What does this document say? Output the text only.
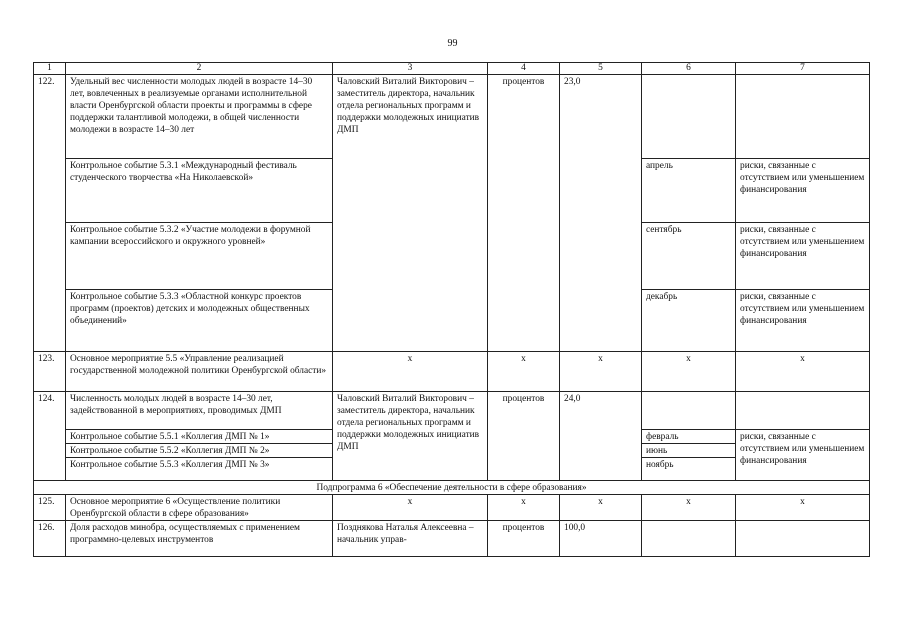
99
1	2	3	4	5	6	7
122.	Удельный вес численности молодых людей в возрасте 14–30 лет, вовлеченных в реализуемые органами исполнительной власти Оренбургской области проекты и программы в сфере поддержки талантливой молодежи, в общей численности молодежи в возрасте 14–30 лет	Чаловский Виталий Викторович – заместитель директора, начальник отдела региональных программ и поддержки молодежных инициатив ДМП	процентов	23,0		
	Контрольное событие 5.3.1 «Международный фестиваль студенческого творчества «На Николаевской»				апрель	риски, связанные с отсутствием или уменьшением финансирования
	Контрольное событие 5.3.2 «Участие молодежи в форумной кампании всероссийского и окружного уровней»				сентябрь	риски, связанные с отсутствием или уменьшением финансирования
	Контрольное событие 5.3.3 «Областной конкурс проектов программ (проектов) детских и молодежных общественных объединений»				декабрь	риски, связанные с отсутствием или уменьшением финансирования
123.	Основное мероприятие 5.5 «Управление реализацией государственной молодежной политики Оренбургской области»	x	x	x	x	x
124.	Численность молодых людей в возрасте 14–30 лет, задействованной в мероприятиях, проводимых ДМП	Чаловский Виталий Викторович – заместитель директора, начальник отдела региональных программ и поддержки молодежных инициатив ДМП	процентов	24,0		
	Контрольное событие 5.5.1 «Коллегия ДМП № 1»				февраль	риски, связанные с отсутствием или уменьшением финансирования
	Контрольное событие 5.5.2 «Коллегия ДМП № 2»				июнь	
	Контрольное событие 5.5.3 «Коллегия ДМП № 3»				ноябрь	
Подпрограмма 6 «Обеспечение деятельности в сфере образования»						
125.	Основное мероприятие 6 «Осуществление политики Оренбургской области в сфере образования»	x	x	x	x	x
126.	Доля расходов минобра, осуществляемых с применением программно-целевых инструментов	Позднякова Наталья Алексеевна – начальник управ-	процентов	100,0		
